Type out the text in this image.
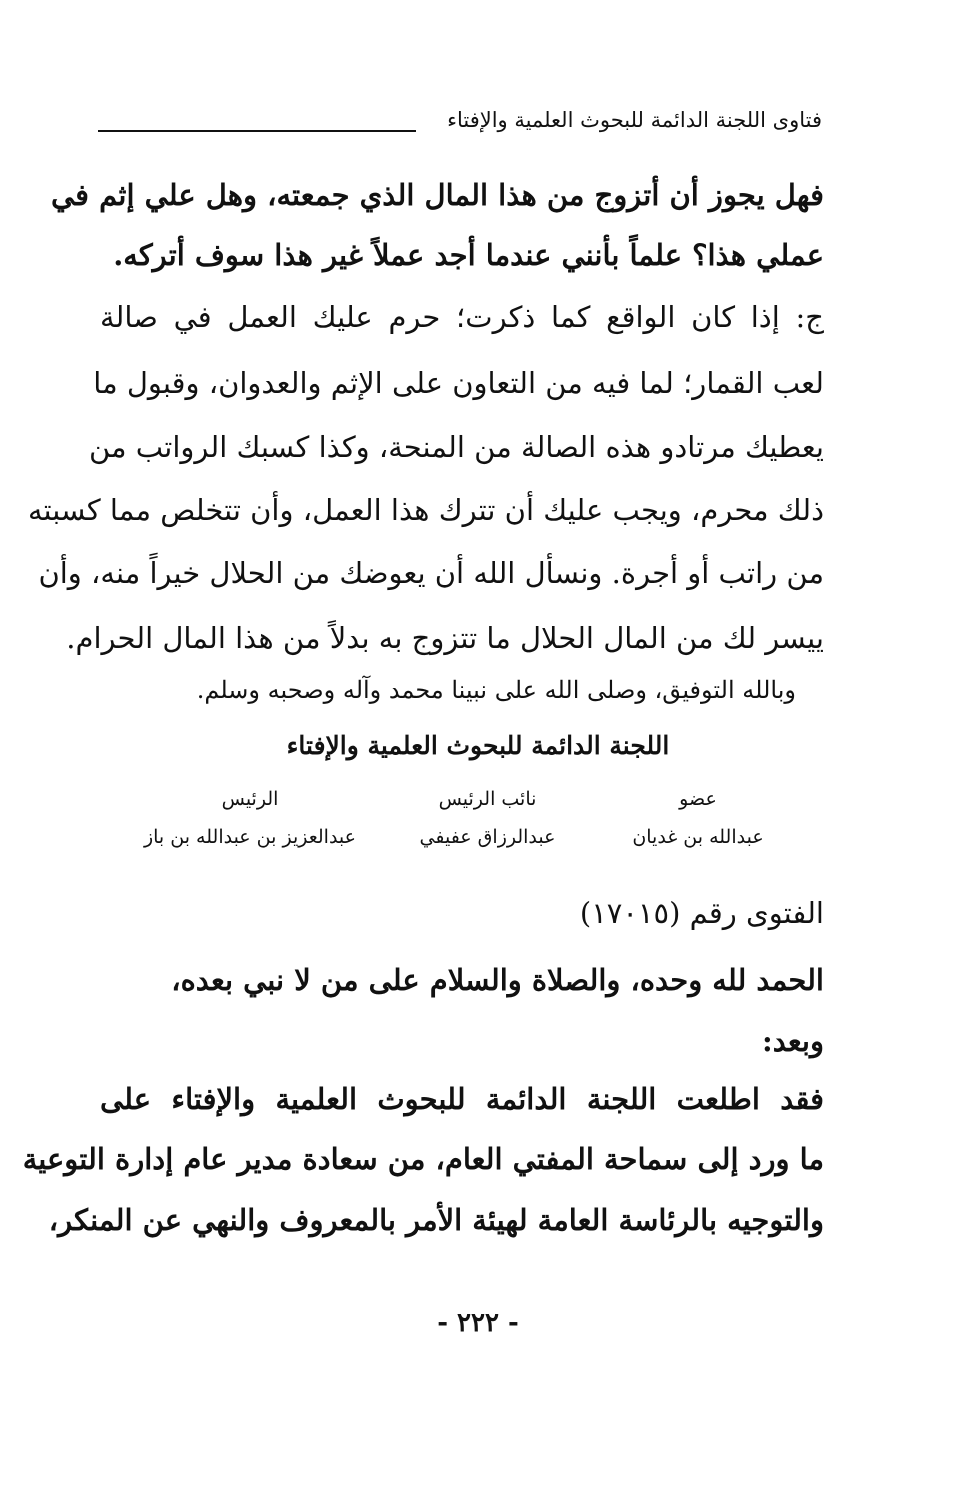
فتاوى اللجنة الدائمة للبحوث العلمية والإفتاء
فهل يجوز أن أتزوج من هذا المال الذي جمعته، وهل علي إثم في
عملي هذا؟ علماً بأنني عندما أجد عملاً غير هذا سوف أتركه.
ج: إذا كان الواقع كما ذكرت؛ حرم عليك العمل في صالة
لعب القمار؛ لما فيه من التعاون على الإثم والعدوان، وقبول ما
يعطيك مرتادو هذه الصالة من المنحة، وكذا كسبك الرواتب من
ذلك محرم، ويجب عليك أن تترك هذا العمل، وأن تتخلص مما كسبته
من راتب أو أجرة. ونسأل الله أن يعوضك من الحلال خيراً منه، وأن
ييسر لك من المال الحلال ما تتزوج به بدلاً من هذا المال الحرام.
وبالله التوفيق، وصلى الله على نبينا محمد وآله وصحبه وسلم.
اللجنة الدائمة للبحوث العلمية والإفتاء
عضو
عبدالله بن غديان
نائب الرئيس
عبدالرزاق عفيفي
الرئيس
عبدالعزيز بن عبدالله بن باز
الفتوى رقم (١٧٠١٥)
الحمد لله وحده، والصلاة والسلام على من لا نبي بعده،
وبعد:
فقد اطلعت اللجنة الدائمة للبحوث العلمية والإفتاء على
ما ورد إلى سماحة المفتي العام، من سعادة مدير عام إدارة التوعية
والتوجيه بالرئاسة العامة لهيئة الأمر بالمعروف والنهي عن المنكر،
- ٢٢٢ -
